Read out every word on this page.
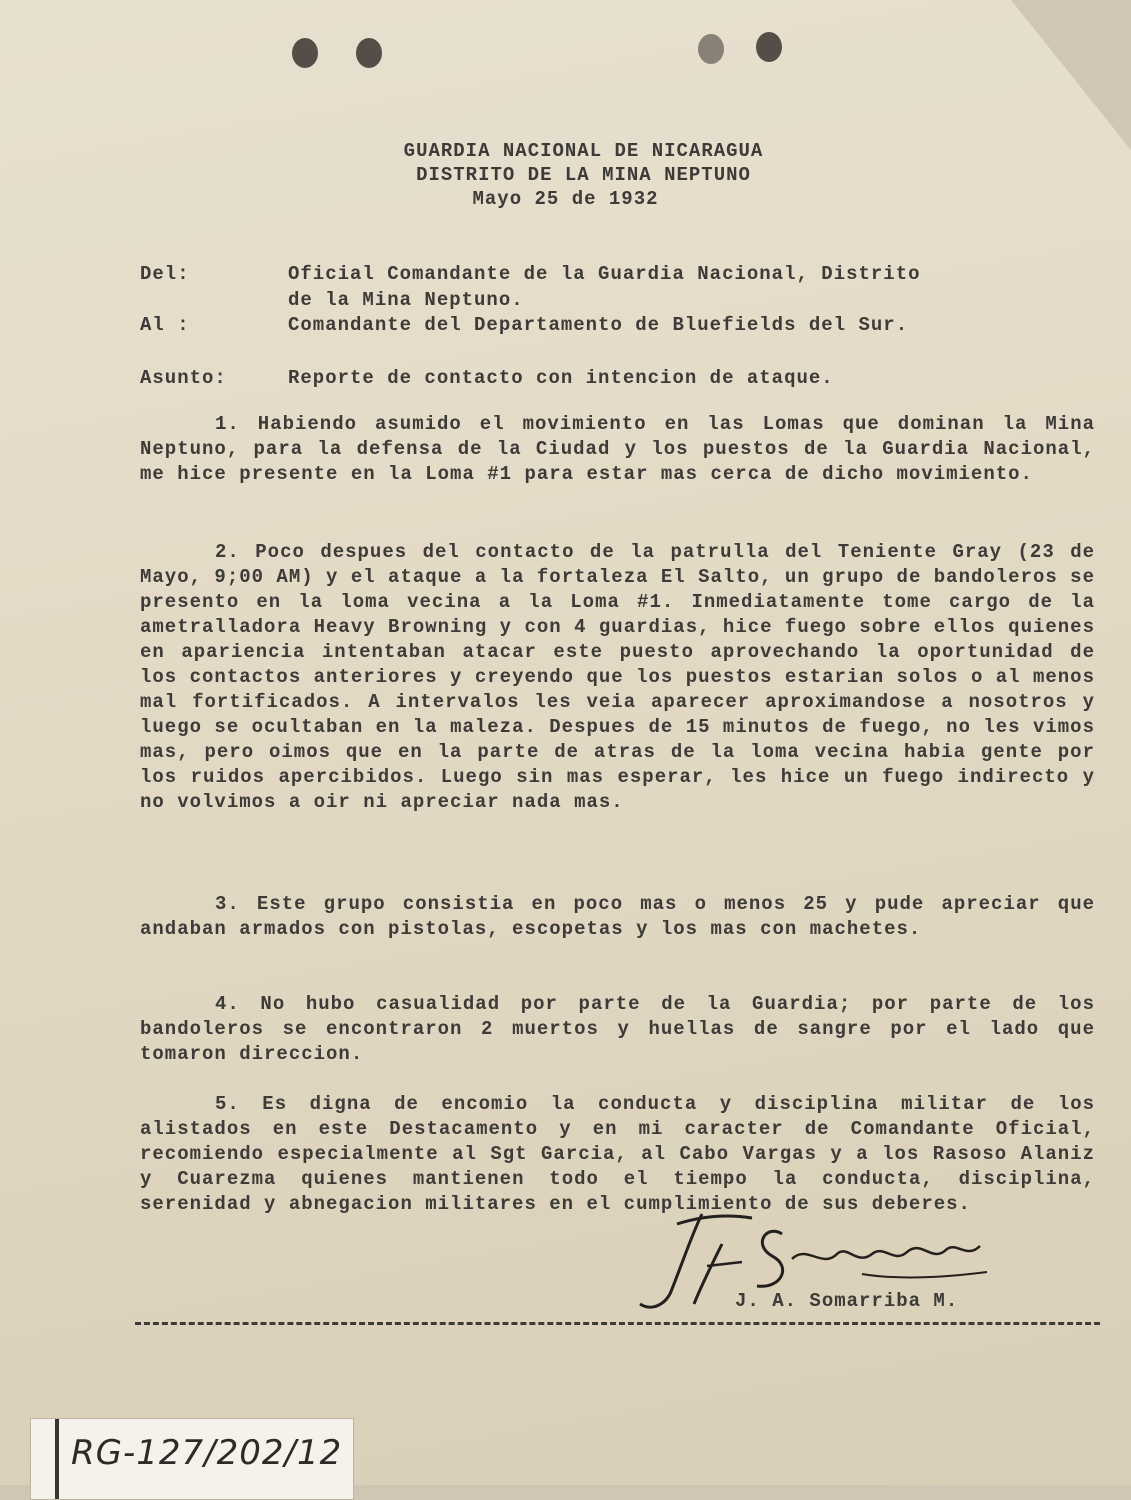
GUARDIA NACIONAL DE NICARAGUA
DISTRITO DE LA MINA NEPTUNO
Mayo 25 de 1932
Del:	Oficial Comandante de la Guardia Nacional, Distrito
de la Mina Neptuno.
Al :	Comandante del Departamento de Bluefields del Sur.
Asunto:	Reporte de contacto con intencion de ataque.

1. Habiendo asumido el movimiento en las Lomas que dominan la Mina Neptuno, para la defensa de la Ciudad y los puestos de la Guardia Nacional, me hice presente en la Loma #1 para estar mas cerca de dicho movimiento.

2. Poco despues del contacto de la patrulla del Teniente Gray (23 de Mayo, 9;00 AM) y el ataque a la fortaleza El Salto, un grupo de bandoleros se presento en la loma vecina a la Loma #1. Inmediatamente tome cargo de la ametralladora Heavy Browning y con 4 guardias, hice fuego sobre ellos quienes en apariencia intentaban atacar este puesto aprovechando la oportunidad de los contactos anteriores y creyendo que los puestos estarian solos o al menos mal fortificados. A intervalos les veia aparecer aproximandose a nosotros y luego se ocultaban en la maleza. Despues de 15 minutos de fuego, no les vimos mas, pero oimos que en la parte de atras de la loma vecina habia gente por los ruidos apercibidos. Luego sin mas esperar, les hice un fuego indirecto y no volvimos a oir ni apreciar nada mas.

3. Este grupo consistia en poco mas o menos 25 y pude apreciar que andaban armados con pistolas, escopetas y los mas con machetes.

4. No hubo casualidad por parte de la Guardia; por parte de los bandoleros se encontraron 2 muertos y huellas de sangre por el lado que tomaron direccion.

5. Es digna de encomio la conducta y disciplina militar de los alistados en este Destacamento y en mi caracter de Comandante Oficial, recomiendo especialmente al Sgt Garcia, al Cabo Vargas y a los Rasoso Alaniz y Cuarezma quienes mantienen todo el tiempo la conducta, disciplina, serenidad y abnegacion militares en el cumplimiento de sus deberes.

J. A. Somarriba M.
RG-127/202/12
